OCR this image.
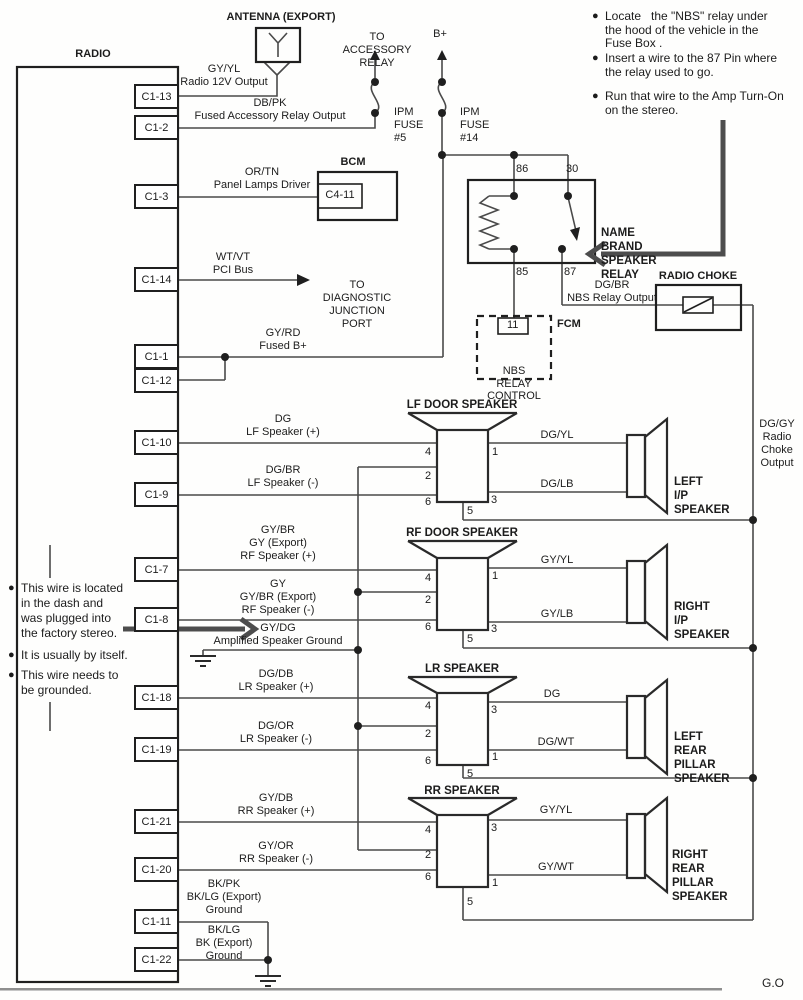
RADIO
ANTENNA (EXPORT)

TO
ACCESSORY
RELAY

B+

IPM
FUSE
#5

IPM
FUSE
#14

● Locate   the "NBS" relay under
the hood of the vehicle in the
Fuse Box .
● Insert a wire to the 87 Pin where
the relay used to go.
● Run that wire to the Amp Turn-On
on the stereo.
● This wire is located
in the dash and
was plugged into
the factory stereo.
● It is usually by itself.
● This wire needs to
be grounded.
C1-13
C1-2
C1-3
C1-14
C1-1
C1-12
C1-10
C1-9
C1-7
C1-8
C1-18
C1-19
C1-21
C1-20
C1-11
C1-22
GY/YL
Radio 12V Output
DB/PK
Fused Accessory Relay Output
OR/TN
Panel Lamps Driver
WT/VT
PCI Bus
GY/RD
Fused B+
DG
LF Speaker (+)
DG/BR
LF Speaker (-)
GY/BR
GY (Export)
RF Speaker (+)
GY
GY/BR (Export)
RF Speaker (-)
GY/DG
Amplified Speaker Ground
DG/DB
LR Speaker (+)
DG/OR
LR Speaker (-)
GY/DB
RR Speaker (+)
GY/OR
RR Speaker (-)
BK/PK
BK/LG (Export)
Ground
BK/LG
BK (Export)
Ground
BCM
C4-11

TO
DIAGNOSTIC
JUNCTION
PORT

86	30
85	87

NAME
BRAND
SPEAKER
RELAY

DG/BR
NBS Relay Output
FCM
11

NBS
RELAY
CONTROL

RADIO CHOKE

DG/GY
Radio
Choke
Output

LF DOOR SPEAKER
DG/YL
DG/LB

	LEFT
I/P
SPEAKER

4
2
6
1
3
5
RF DOOR SPEAKER
GY/YL
GY/LB

RIGHT
I/P
SPEAKER

4
2
6
1
3
5
LR SPEAKER
DG
DG/WT

	LEFT
REAR
PILLAR
SPEAKER

4
2
6
3
1
5
RR SPEAKER
GY/YL
GY/WT

RIGHT
REAR
PILLAR
SPEAKER

4
2
6
3
1
5
G.O
